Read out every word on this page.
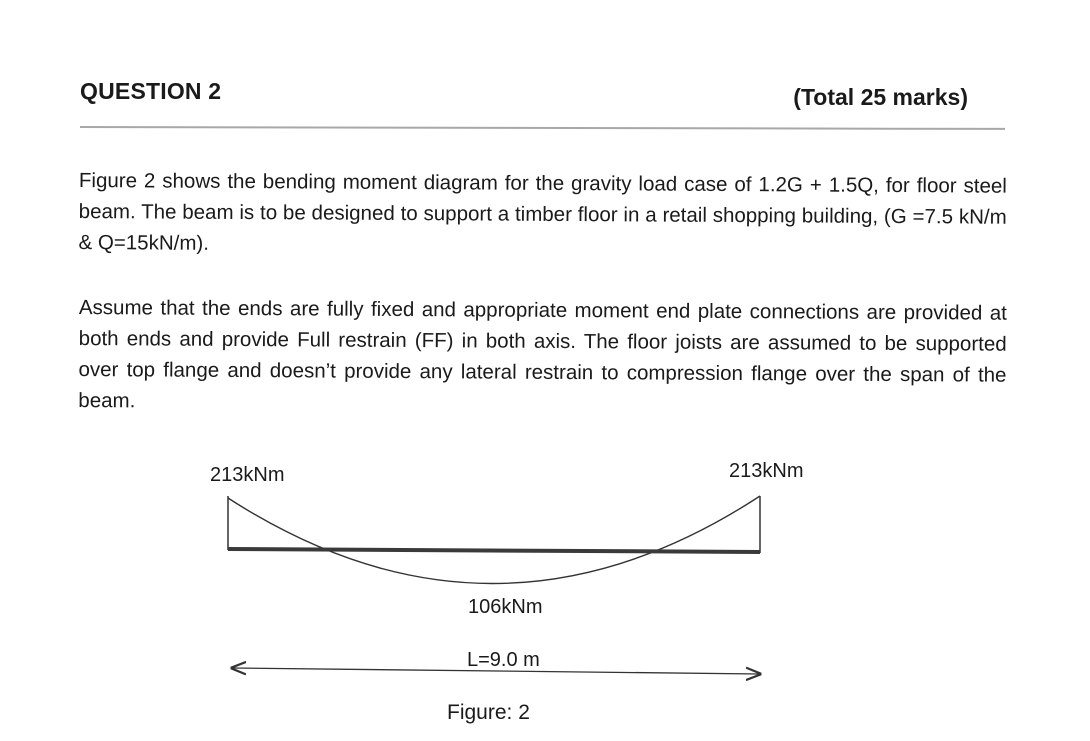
QUESTION 2	(Total 25 marks)

Figure 2 shows the bending moment diagram for the gravity load case of 1.2G + 1.5Q, for floor steel beam. The beam is to be designed to support a timber floor in a retail shopping building, (G =7.5 kN/m & Q=15kN/m).

Assume that the ends are fully fixed and appropriate moment end plate connections are provided at both ends and provide Full restrain (FF) in both axis. The floor joists are assumed to be supported over top flange and doesn’t provide any lateral restrain to compression flange over the span of the beam.

213kNm	213kNm
106kNm
L=9.0 m
Figure: 2
